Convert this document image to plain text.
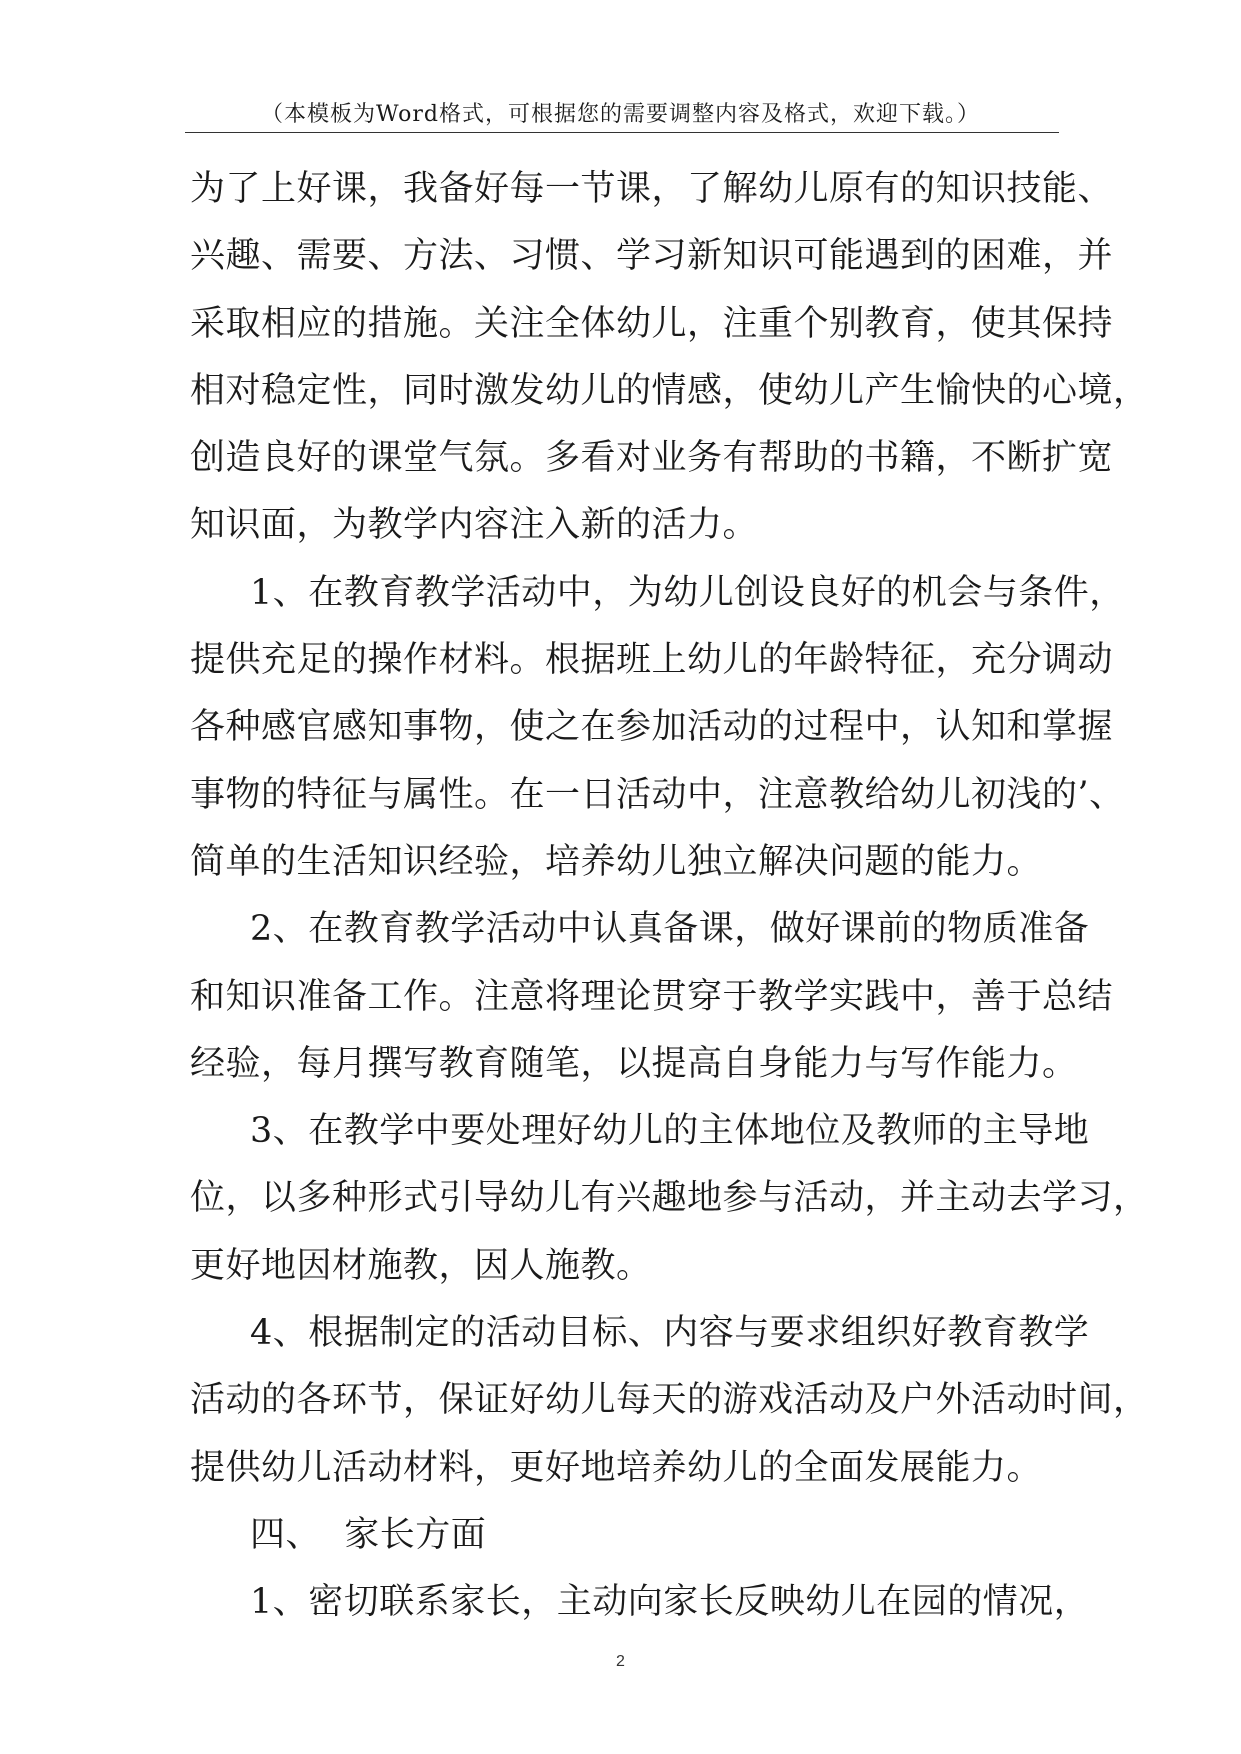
（本模板为Word格式，可根据您的需要调整内容及格式，欢迎下载。）
为了上好课，我备好每一节课，了解幼儿原有的知识技能、
兴趣、需要、方法、习惯、学习新知识可能遇到的困难，并
采取相应的措施。关注全体幼儿，注重个别教育，使其保持
相对稳定性，同时激发幼儿的情感，使幼儿产生愉快的心境，
创造良好的课堂气氛。多看对业务有帮助的书籍，不断扩宽
知识面，为教学内容注入新的活力。
1、在教育教学活动中，为幼儿创设良好的机会与条件，
提供充足的操作材料。根据班上幼儿的年龄特征，充分调动
各种感官感知事物，使之在参加活动的过程中，认知和掌握
事物的特征与属性。在一日活动中，注意教给幼儿初浅的’、
简单的生活知识经验，培养幼儿独立解决问题的能力。
2、在教育教学活动中认真备课，做好课前的物质准备
和知识准备工作。注意将理论贯穿于教学实践中，善于总结
经验，每月撰写教育随笔，以提高自身能力与写作能力。
3、在教学中要处理好幼儿的主体地位及教师的主导地
位，以多种形式引导幼儿有兴趣地参与活动，并主动去学习，
更好地因材施教，因人施教。
4、根据制定的活动目标、内容与要求组织好教育教学
活动的各环节，保证好幼儿每天的游戏活动及户外活动时间，
提供幼儿活动材料，更好地培养幼儿的全面发展能力。
四、  家长方面
1、密切联系家长，主动向家长反映幼儿在园的情况，
2
